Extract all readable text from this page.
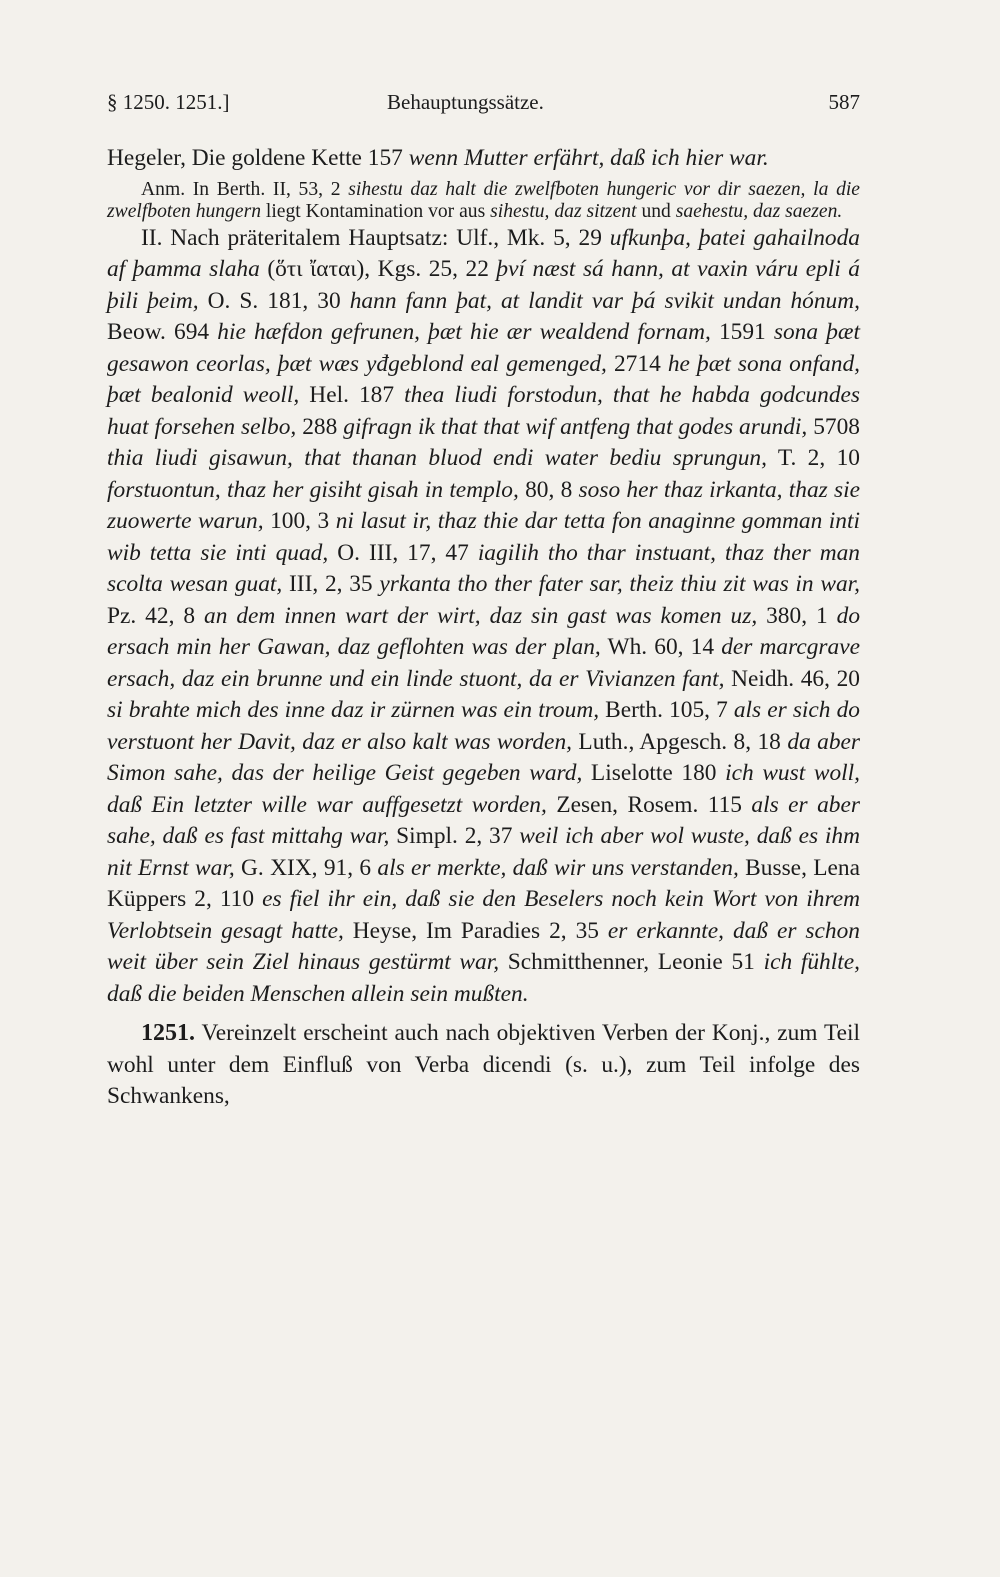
§ 1250. 1251.]	Behauptungssätze.	587

Hegeler, Die goldene Kette 157 wenn Mutter erfährt, daß ich hier war.

Anm. In Berth. II, 53, 2 sihestu daz halt die zwelfboten hungeric vor dir saezen, la die zwelfboten hungern liegt Kontamination vor aus sihestu, daz sitzent und saehestu, daz saezen.

II. Nach präteritalem Hauptsatz: Ulf., Mk. 5, 29 ufkunþa, þatei gahailnoda af þamma slaha (ὅτι ἴαται), Kgs. 25, 22 því næst sá hann, at vaxin váru epli á þili þeim, O. S. 181, 30 hann fann þat, at landit var þá svikit undan hónum, Beow. 694 hie hæfdon gefrunen, þæt hie ær wealdend fornam, 1591 sona þæt gesawon ceorlas, þæt wæs yđgeblond eal gemenged, 2714 he þæt sona onfand, þæt bealonid weoll, Hel. 187 thea liudi forstodun, that he habda godcundes huat forsehen selbo, 288 gifragn ik that that wif antfeng that godes arundi, 5708 thia liudi gisawun, that thanan bluod endi water bediu sprungun, T. 2, 10 forstuontun, thaz her gisiht gisah in templo, 80, 8 soso her thaz irkanta, thaz sie zuowerte warun, 100, 3 ni lasut ir, thaz thie dar tetta fon anaginne gomman inti wib tetta sie inti quad, O. III, 17, 47 iagilih tho thar instuant, thaz ther man scolta wesan guat, III, 2, 35 yrkanta tho ther fater sar, theiz thiu zit was in war, Pz. 42, 8 an dem innen wart der wirt, daz sin gast was komen uz, 380, 1 do ersach min her Gawan, daz geflohten was der plan, Wh. 60, 14 der marcgrave ersach, daz ein brunne und ein linde stuont, da er Vivianzen fant, Neidh. 46, 20 si brahte mich des inne daz ir zürnen was ein troum, Berth. 105, 7 als er sich do verstuont her Davit, daz er also kalt was worden, Luth., Apgesch. 8, 18 da aber Simon sahe, das der heilige Geist gegeben ward, Liselotte 180 ich wust woll, daß Ein letzter wille war auffgesetzt worden, Zesen, Rosem. 115 als er aber sahe, daß es fast mittahg war, Simpl. 2, 37 weil ich aber wol wuste, daß es ihm nit Ernst war, G. XIX, 91, 6 als er merkte, daß wir uns verstanden, Busse, Lena Küppers 2, 110 es fiel ihr ein, daß sie den Beselers noch kein Wort von ihrem Verlobtsein gesagt hatte, Heyse, Im Paradies 2, 35 er erkannte, daß er schon weit über sein Ziel hinaus gestürmt war, Schmitthenner, Leonie 51 ich fühlte, daß die beiden Menschen allein sein mußten.

1251. Vereinzelt erscheint auch nach objektiven Verben der Konj., zum Teil wohl unter dem Einfluß von Verba dicendi (s. u.), zum Teil infolge des Schwankens,
